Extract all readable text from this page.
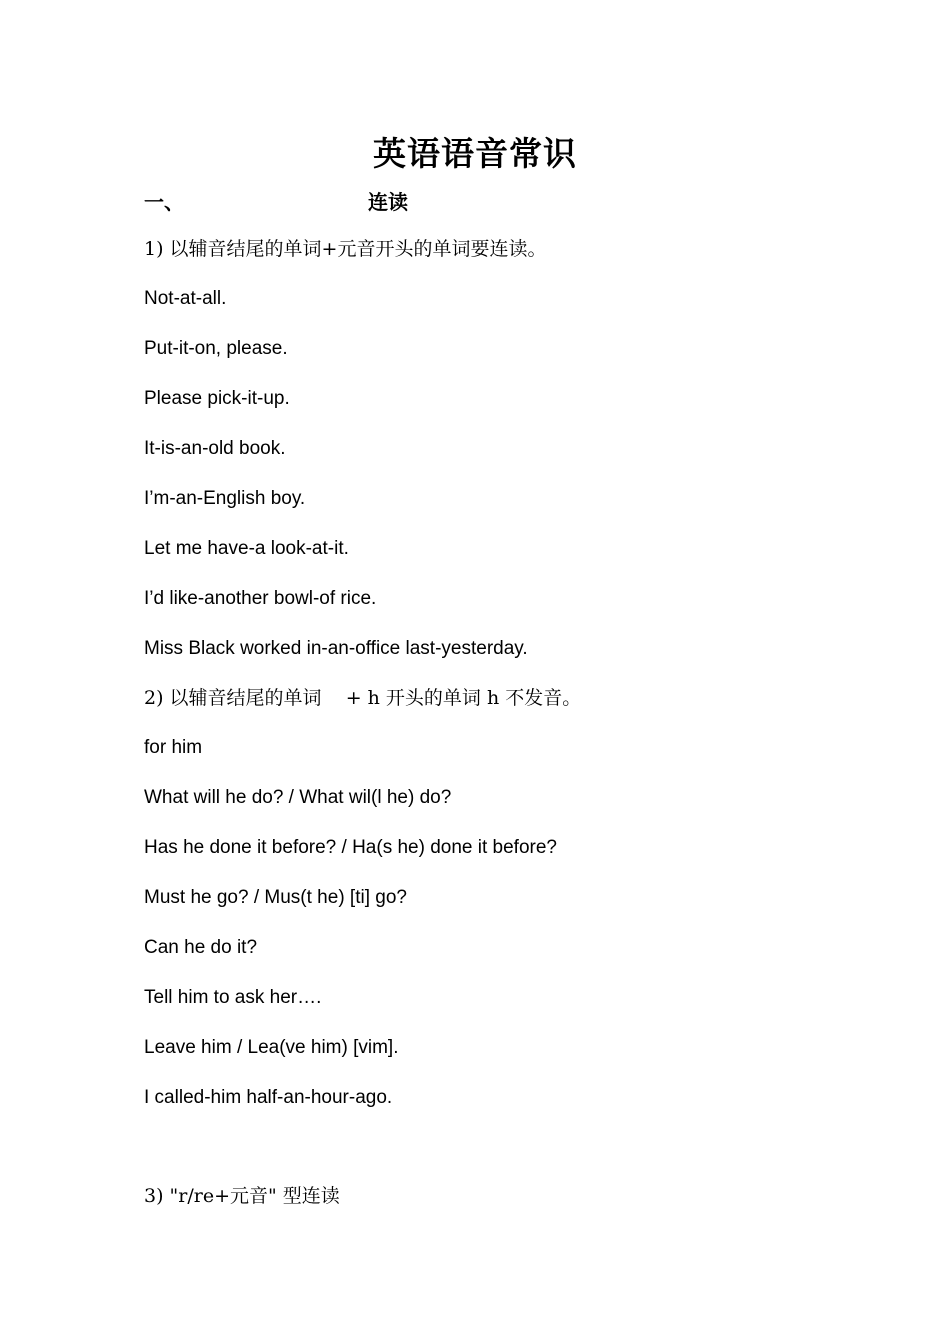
英语语音常识
一、	连读
1) 以辅音结尾的单词+元音开头的单词要连读。
Not-at-all.
Put-it-on, please.
Please pick-it-up.
It-is-an-old book.
I’m-an-English boy.
Let me have-a look-at-it.
I’d like-another bowl-of rice.
Miss Black worked in-an-office last-yesterday.
2) 以辅音结尾的单词    + h 开头的单词 h 不发音。
for him
What will he do? / What wil(l he) do?
Has he done it before? / Ha(s he) done it before?
Must he go? / Mus(t he) [ti] go?
Can he do it?
Tell him to ask her….
Leave him / Lea(ve him) [vim].
I called-him half-an-hour-ago.
3) "r/re+元音" 型连读
